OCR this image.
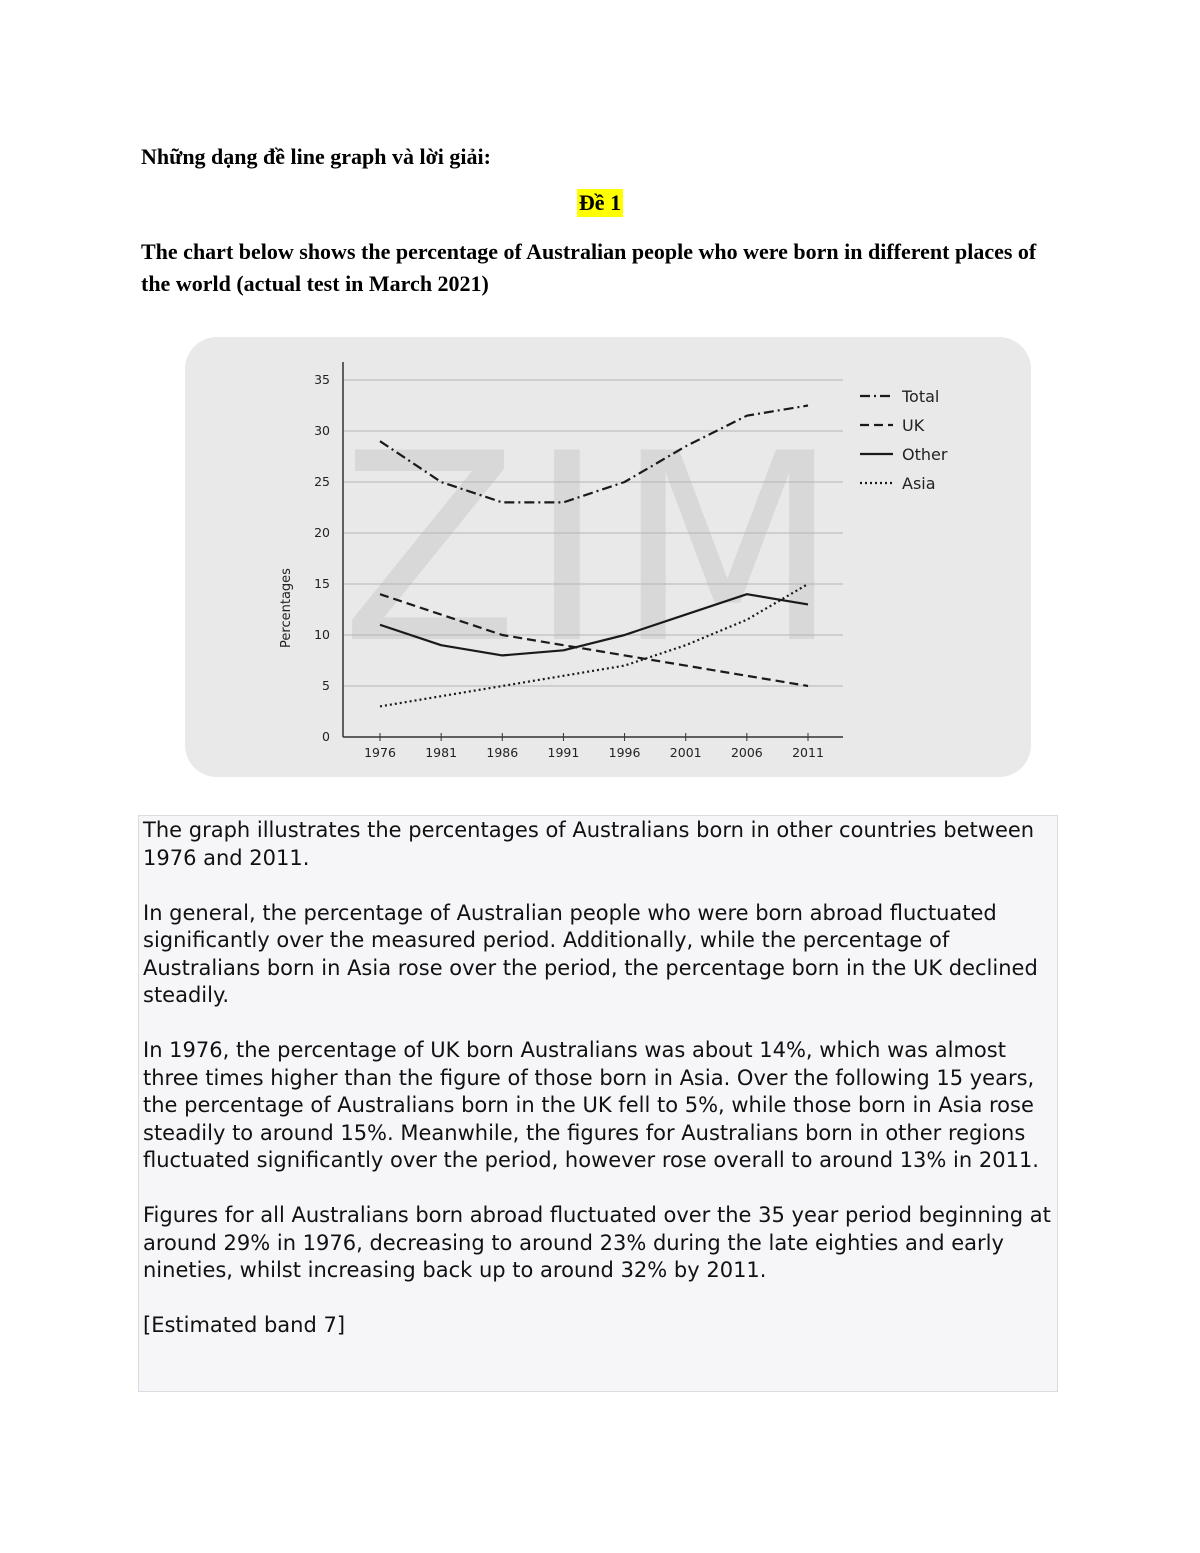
Những dạng đề line graph và lời giải:
Đề 1

The chart below shows the percentage of Australian people who were born in different places of the world (actual test in March 2021)

ZIM
0
5
10
15
20
25
30
35
1976 1981 1986 1991 1996 2001 2006 2011
Percentages
Total
UK
Other
Asia

The graph illustrates the percentages of Australians born in other countries between 1976 and 2011.

In general, the percentage of Australian people who were born abroad fluctuated significantly over the measured period. Additionally, while the percentage of Australians born in Asia rose over the period, the percentage born in the UK declined steadily.

In 1976, the percentage of UK born Australians was about 14%, which was almost three times higher than the figure of those born in Asia. Over the following 15 years, the percentage of Australians born in the UK fell to 5%, while those born in Asia rose steadily to around 15%. Meanwhile, the figures for Australians born in other regions fluctuated significantly over the period, however rose overall to around 13% in 2011.

Figures for all Australians born abroad fluctuated over the 35 year period beginning at around 29% in 1976, decreasing to around 23% during the late eighties and early nineties, whilst increasing back up to around 32% by 2011.

[Estimated band 7]
